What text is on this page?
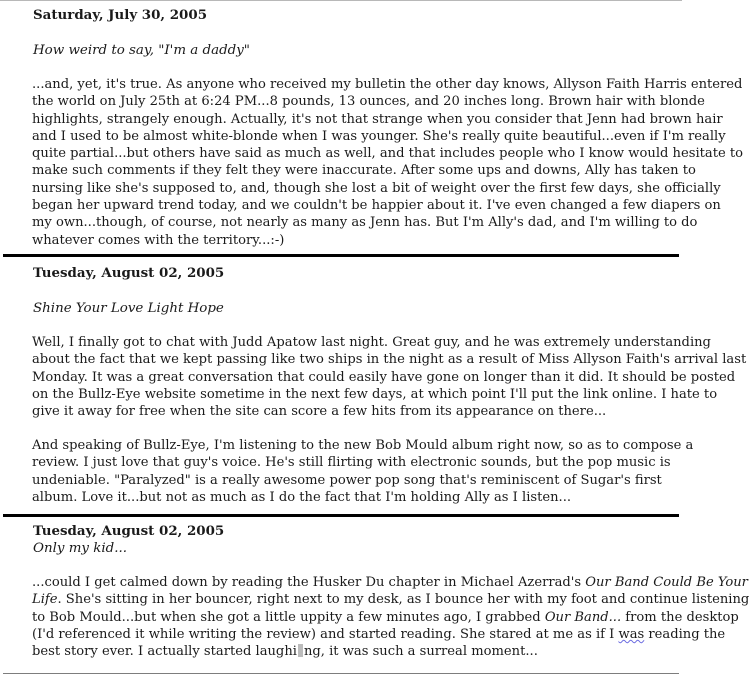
Saturday, July 30, 2005
How weird to say, "I'm a daddy"
...and, yet, it's true. As anyone who received my bulletin the other day knows, Allyson Faith Harris entered
the world on July 25th at 6:24 PM...8 pounds, 13 ounces, and 20 inches long. Brown hair with blonde
highlights, strangely enough. Actually, it's not that strange when you consider that Jenn had brown hair
and I used to be almost white-blonde when I was younger. She's really quite beautiful...even if I'm really
quite partial...but others have said as much as well, and that includes people who I know would hesitate to
make such comments if they felt they were inaccurate. After some ups and downs, Ally has taken to
nursing like she's supposed to, and, though she lost a bit of weight over the first few days, she officially
began her upward trend today, and we couldn't be happier about it. I've even changed a few diapers on
my own...though, of course, not nearly as many as Jenn has. But I'm Ally's dad, and I'm willing to do
whatever comes with the territory...:-)
Tuesday, August 02, 2005
Shine Your Love Light Hope
Well, I finally got to chat with Judd Apatow last night. Great guy, and he was extremely understanding
about the fact that we kept passing like two ships in the night as a result of Miss Allyson Faith's arrival last
Monday. It was a great conversation that could easily have gone on longer than it did. It should be posted
on the Bullz-Eye website sometime in the next few days, at which point I'll put the link online. I hate to
give it away for free when the site can score a few hits from its appearance on there...
And speaking of Bullz-Eye, I'm listening to the new Bob Mould album right now, so as to compose a
review. I just love that guy's voice. He's still flirting with electronic sounds, but the pop music is
undeniable. "Paralyzed" is a really awesome power pop song that's reminiscent of Sugar's first
album. Love it...but not as much as I do the fact that I'm holding Ally as I listen...
Tuesday, August 02, 2005
Only my kid...
...could I get calmed down by reading the Husker Du chapter in Michael Azerrad's Our Band Could Be Your
Life. She's sitting in her bouncer, right next to my desk, as I bounce her with my foot and continue listening
to Bob Mould...but when she got a little uppity a few minutes ago, I grabbed Our Band... from the desktop
(I'd referenced it while writing the review) and started reading. She stared at me as if I was reading the
best story ever. I actually started laughi ng, it was such a surreal moment...
